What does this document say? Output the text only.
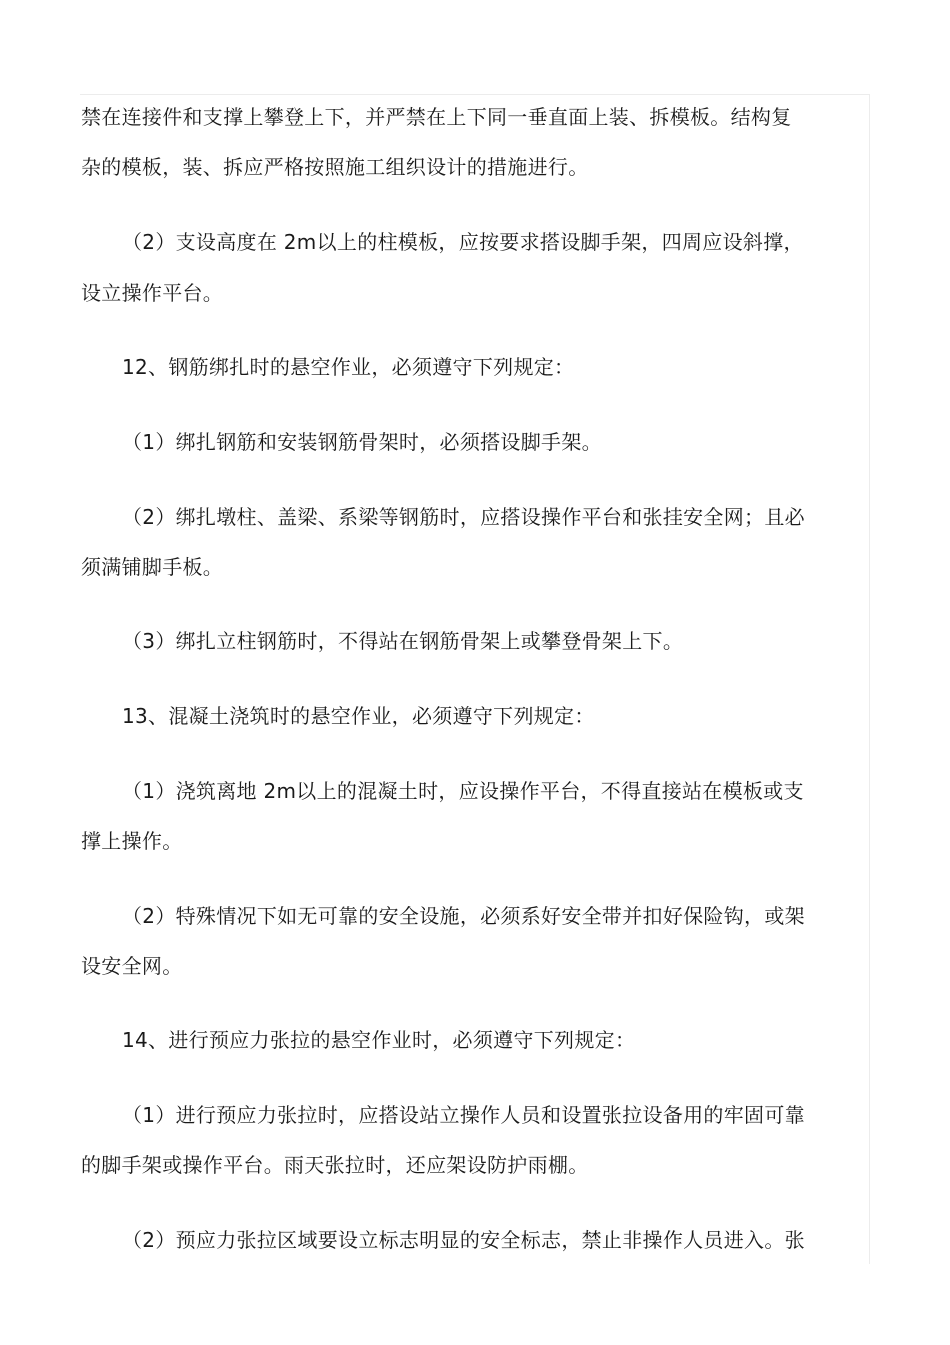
禁在连接件和支撑上攀登上下，并严禁在上下同一垂直面上装、拆模板。结构复
杂的模板，装、拆应严格按照施工组织设计的措施进行。
（2）支设高度在 2m以上的柱模板，应按要求搭设脚手架，四周应设斜撑，
设立操作平台。
12、钢筋绑扎时的悬空作业，必须遵守下列规定：
（1）绑扎钢筋和安装钢筋骨架时，必须搭设脚手架。
（2）绑扎墩柱、盖梁、系梁等钢筋时，应搭设操作平台和张挂安全网；且必
须满铺脚手板。
（3）绑扎立柱钢筋时，不得站在钢筋骨架上或攀登骨架上下。
13、混凝土浇筑时的悬空作业，必须遵守下列规定：
（1）浇筑离地 2m以上的混凝土时，应设操作平台，不得直接站在模板或支
撑上操作。
（2）特殊情况下如无可靠的安全设施，必须系好安全带并扣好保险钩，或架
设安全网。
14、进行预应力张拉的悬空作业时，必须遵守下列规定：
（1）进行预应力张拉时，应搭设站立操作人员和设置张拉设备用的牢固可靠
的脚手架或操作平台。雨天张拉时，还应架设防护雨棚。
（2）预应力张拉区域要设立标志明显的安全标志，禁止非操作人员进入。张
